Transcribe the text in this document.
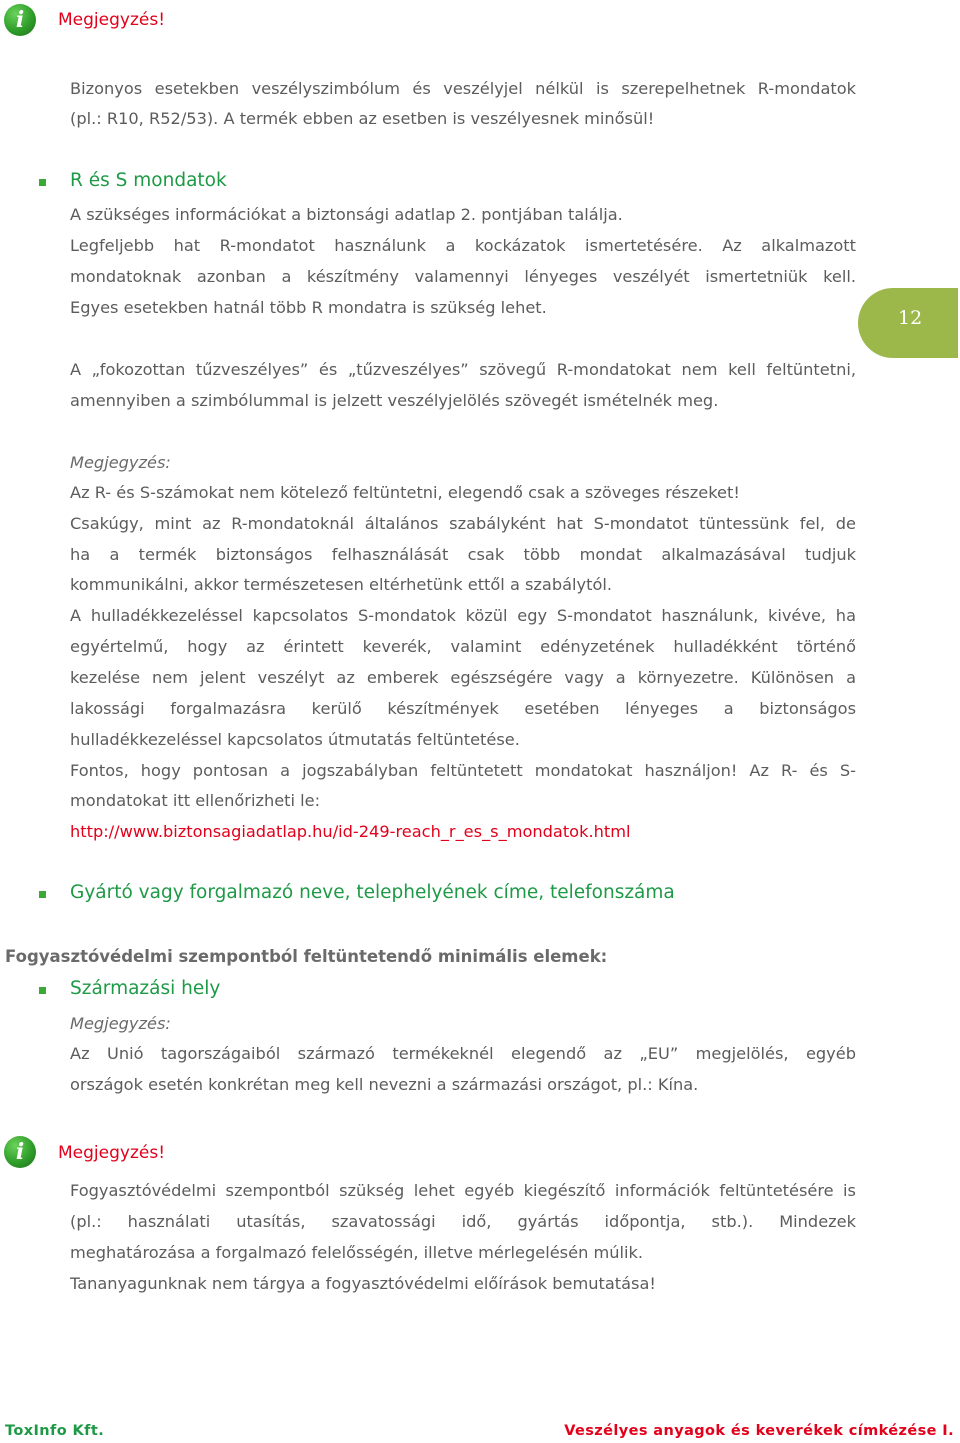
i	Megjegyzés!
Bizonyos esetekben veszélyszimbólum és veszélyjel nélkül is szerepelhetnek R-mondatok
(pl.: R10, R52/53). A termék ebben az esetben is veszélyesnek minősül!
R és S mondatok
A szükséges információkat a biztonsági adatlap 2. pontjában találja.
Legfeljebb hat R-mondatot használunk a kockázatok ismertetésére. Az alkalmazott
mondatoknak azonban a készítmény valamennyi lényeges veszélyét ismertetniük kell.
Egyes esetekben hatnál több R mondatra is szükség lehet.	12
A „fokozottan tűzveszélyes” és „tűzveszélyes” szövegű R-mondatokat nem kell feltüntetni,
amennyiben a szimbólummal is jelzett veszélyjelölés szövegét ismételnék meg.
Megjegyzés:
Az R- és S-számokat nem kötelező feltüntetni, elegendő csak a szöveges részeket!
Csakúgy, mint az R-mondatoknál általános szabályként hat S-mondatot tüntessünk fel, de
ha a termék biztonságos felhasználását csak több mondat alkalmazásával tudjuk
kommunikálni, akkor természetesen eltérhetünk ettől a szabálytól.
A hulladékkezeléssel kapcsolatos S-mondatok közül egy S-mondatot használunk, kivéve, ha
egyértelmű, hogy az érintett keverék, valamint edényzetének hulladékként történő
kezelése nem jelent veszélyt az emberek egészségére vagy a környezetre. Különösen a
lakossági forgalmazásra kerülő készítmények esetében lényeges a biztonságos
hulladékkezeléssel kapcsolatos útmutatás feltüntetése.
Fontos, hogy pontosan a jogszabályban feltüntetett mondatokat használjon! Az R- és S-
mondatokat itt ellenőrizheti le:
http://www.biztonsagiadatlap.hu/id-249-reach_r_es_s_mondatok.html
Gyártó vagy forgalmazó neve, telephelyének címe, telefonszáma
Fogyasztóvédelmi szempontból feltüntetendő minimális elemek:
Származási hely
Megjegyzés:
Az Unió tagországaiból származó termékeknél elegendő az „EU” megjelölés, egyéb
országok esetén konkrétan meg kell nevezni a származási országot, pl.: Kína.
i	Megjegyzés!
Fogyasztóvédelmi szempontból szükség lehet egyéb kiegészítő információk feltüntetésére is
(pl.: használati utasítás, szavatossági idő, gyártás időpontja, stb.). Mindezek
meghatározása a forgalmazó felelősségén, illetve mérlegelésén múlik.
Tananyagunknak nem tárgya a fogyasztóvédelmi előírások bemutatása!
ToxInfo Kft.	Veszélyes anyagok és keverékek címkézése I.
